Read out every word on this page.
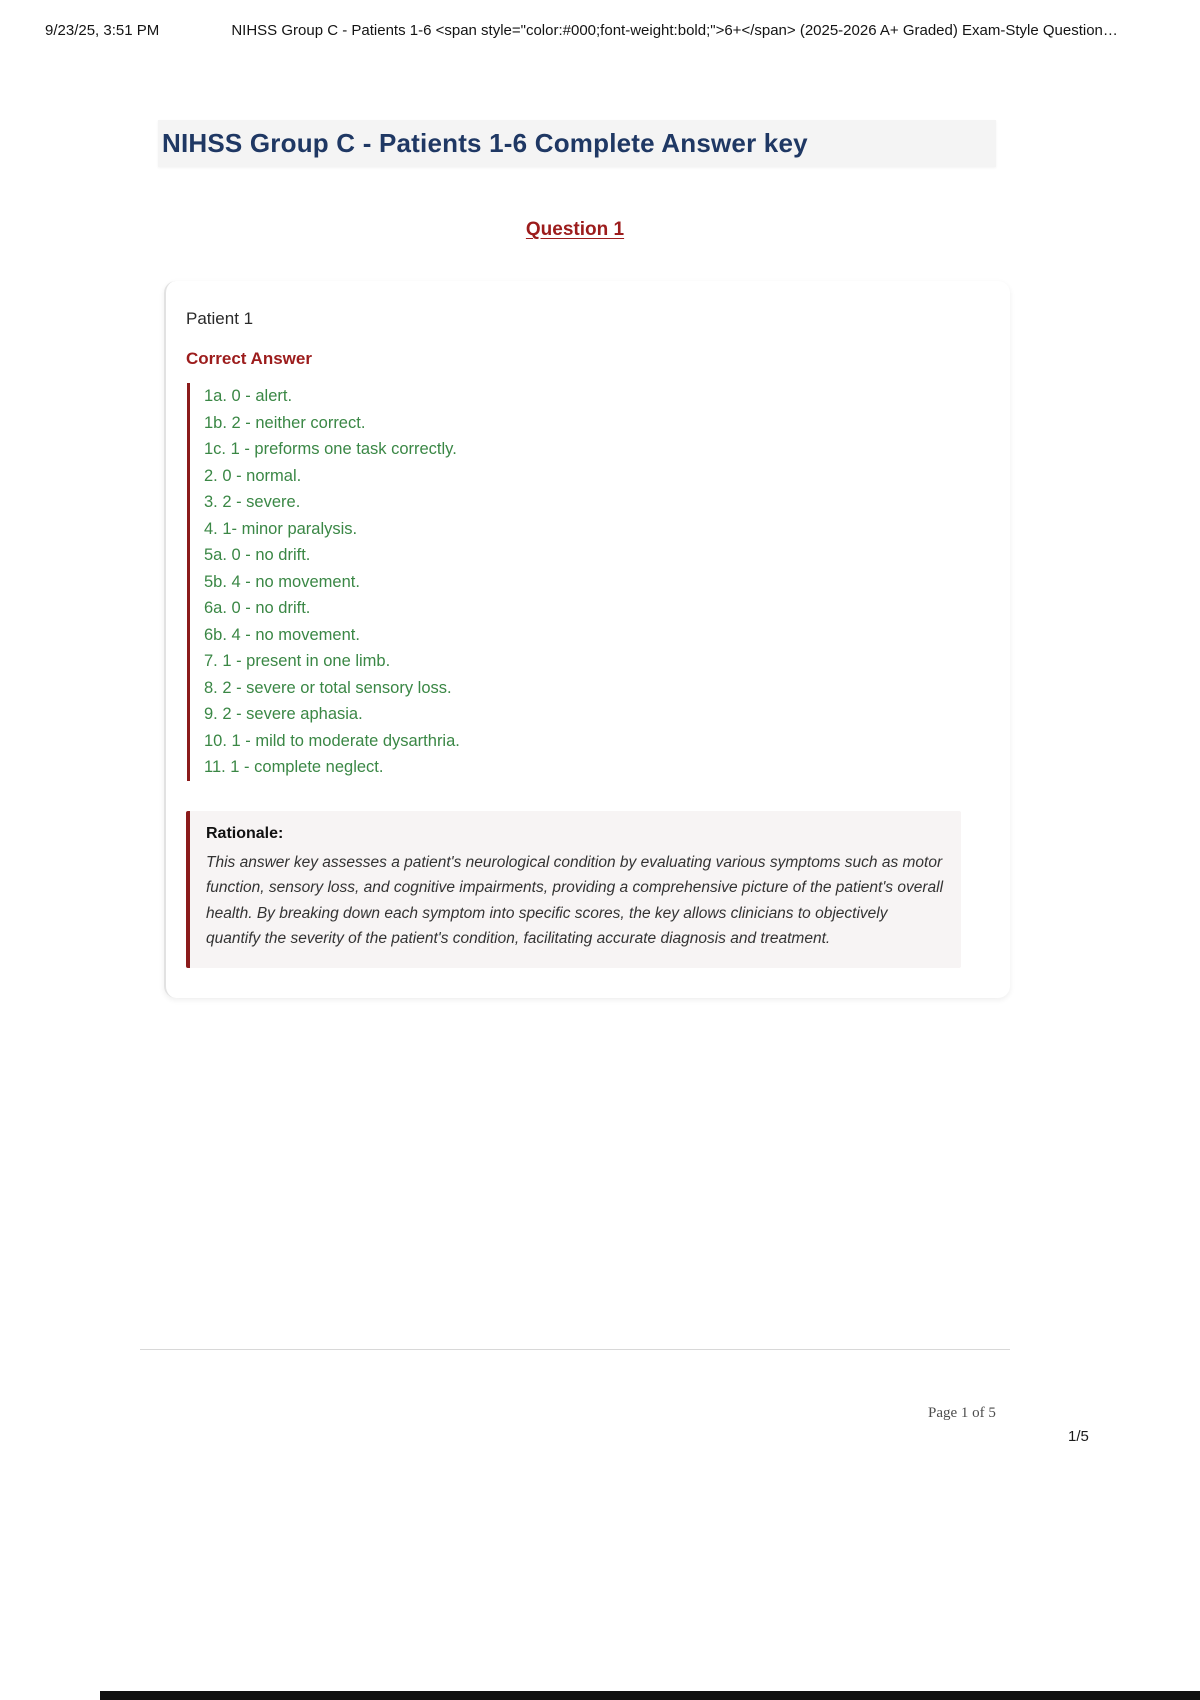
9/23/25, 3:51 PM	NIHSS Group C - Patients 1-6 <span style="color:#000;font-weight:bold;">6+</span> (2025-2026 A+ Graded) Exam-Style Question…
NIHSS Group C - Patients 1-6 Complete Answer key
Question 1
Patient 1
Correct Answer
1a. 0 - alert.
1b. 2 - neither correct.
1c. 1 - preforms one task correctly.
2. 0 - normal.
3. 2 - severe.
4. 1- minor paralysis.
5a. 0 - no drift.
5b. 4 - no movement.
6a. 0 - no drift.
6b. 4 - no movement.
7. 1 - present in one limb.
8. 2 - severe or total sensory loss.
9. 2 - severe aphasia.
10. 1 - mild to moderate dysarthria.
11. 1 - complete neglect.
Rationale:
This answer key assesses a patient's neurological condition by evaluating various symptoms such as motor function, sensory loss, and cognitive impairments, providing a comprehensive picture of the patient's overall health. By breaking down each symptom into specific scores, the key allows clinicians to objectively quantify the severity of the patient's condition, facilitating accurate diagnosis and treatment.
Page 1 of 5
1/5
